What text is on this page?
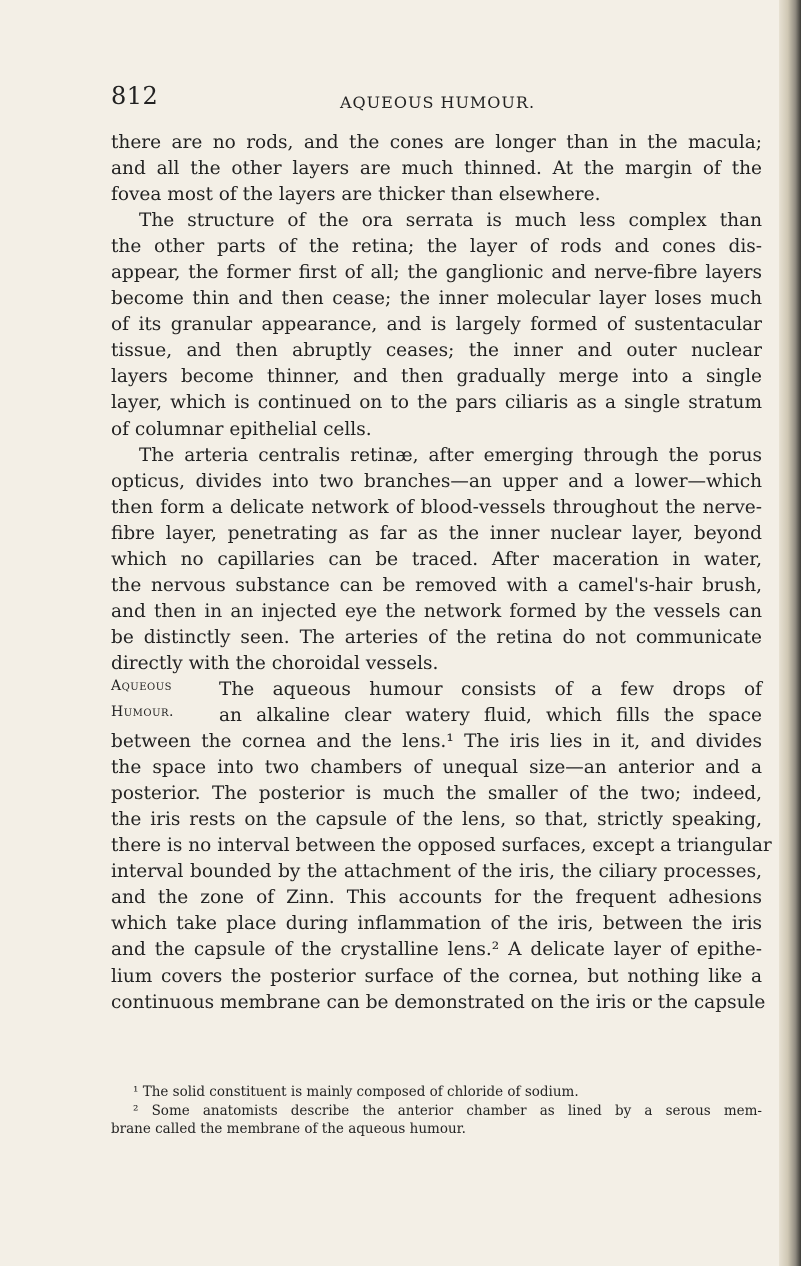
812	AQUEOUS HUMOUR.
Aqueous
Humour.
there are no rods, and the cones are longer than in the macula;
and all the other layers are much thinned. At the margin of the
fovea most of the layers are thicker than elsewhere.
The structure of the ora serrata is much less complex than
the other parts of the retina; the layer of rods and cones dis-
appear, the former first of all; the ganglionic and nerve-fibre layers
become thin and then cease; the inner molecular layer loses much
of its granular appearance, and is largely formed of sustentacular
tissue, and then abruptly ceases; the inner and outer nuclear
layers become thinner, and then gradually merge into a single
layer, which is continued on to the pars ciliaris as a single stratum
of columnar epithelial cells.
The arteria centralis retinæ, after emerging through the porus
opticus, divides into two branches—an upper and a lower—which
then form a delicate network of blood-vessels throughout the nerve-
fibre layer, penetrating as far as the inner nuclear layer, beyond
which no capillaries can be traced. After maceration in water,
the nervous substance can be removed with a camel's-hair brush,
and then in an injected eye the network formed by the vessels can
be distinctly seen. The arteries of the retina do not communicate
directly with the choroidal vessels.
The aqueous humour consists of a few drops of
an alkaline clear watery fluid, which fills the space
between the cornea and the lens.¹ The iris lies in it, and divides
the space into two chambers of unequal size—an anterior and a
posterior. The posterior is much the smaller of the two; indeed,
the iris rests on the capsule of the lens, so that, strictly speaking,
there is no interval between the opposed surfaces, except a triangular
interval bounded by the attachment of the iris, the ciliary processes,
and the zone of Zinn. This accounts for the frequent adhesions
which take place during inflammation of the iris, between the iris
and the capsule of the crystalline lens.² A delicate layer of epithe-
lium covers the posterior surface of the cornea, but nothing like a
continuous membrane can be demonstrated on the iris or the capsule
¹ The solid constituent is mainly composed of chloride of sodium.
² Some anatomists describe the anterior chamber as lined by a serous mem-
brane called the membrane of the aqueous humour.
